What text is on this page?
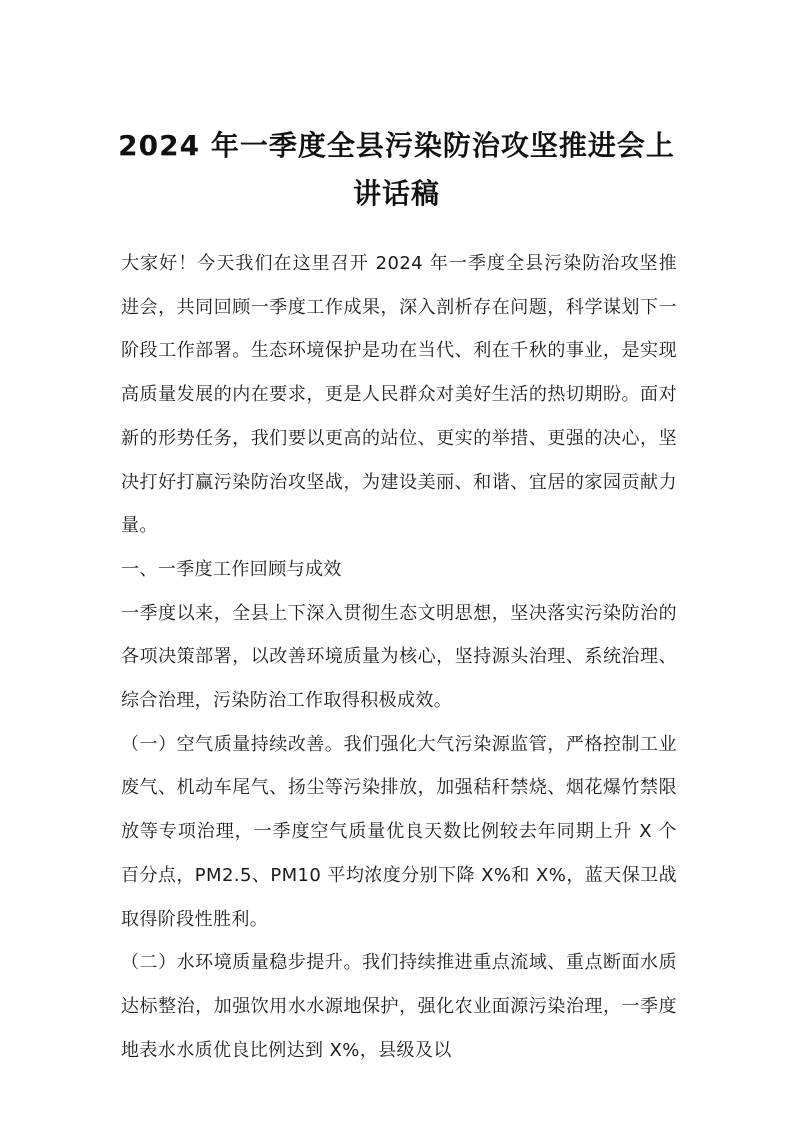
2024 年一季度全县污染防治攻坚推进会上
讲话稿

大家好！今天我们在这里召开 2024 年一季度全县污染防治攻坚推进会，共同回顾一季度工作成果，深入剖析存在问题，科学谋划下一阶段工作部署。生态环境保护是功在当代、利在千秋的事业，是实现高质量发展的内在要求，更是人民群众对美好生活的热切期盼。面对新的形势任务，我们要以更高的站位、更实的举措、更强的决心，坚决打好打赢污染防治攻坚战，为建设美丽、和谐、宜居的家园贡献力量。

一、一季度工作回顾与成效

一季度以来，全县上下深入贯彻生态文明思想，坚决落实污染防治的各项决策部署，以改善环境质量为核心，坚持源头治理、系统治理、综合治理，污染防治工作取得积极成效。

（一）空气质量持续改善。我们强化大气污染源监管，严格控制工业废气、机动车尾气、扬尘等污染排放，加强秸秆禁烧、烟花爆竹禁限放等专项治理，一季度空气质量优良天数比例较去年同期上升 X 个百分点，PM2.5、PM10 平均浓度分别下降 X%和 X%，蓝天保卫战取得阶段性胜利。

（二）水环境质量稳步提升。我们持续推进重点流域、重点断面水质达标整治，加强饮用水水源地保护，强化农业面源污染治理，一季度地表水水质优良比例达到 X%，县级及以
